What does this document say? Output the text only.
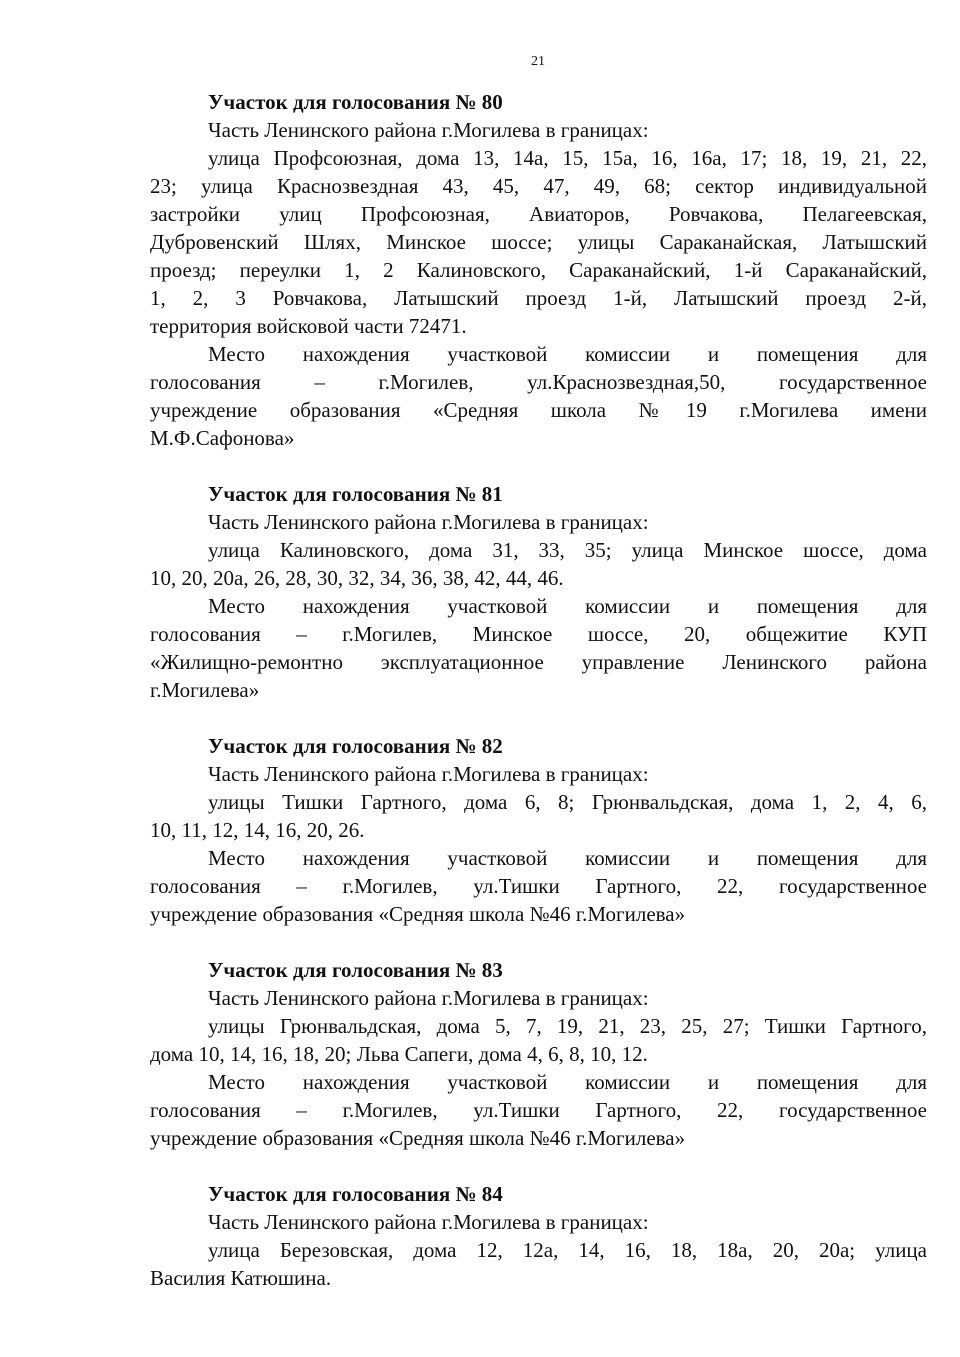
21

Участок для голосования № 80

Часть Ленинского района г.Могилева в границах:

улица Профсоюзная, дома 13, 14а, 15, 15а, 16, 16а, 17; 18, 19, 21, 22,

23; улица Краснозвездная 43, 45, 47, 49, 68; сектор индивидуальной

застройки улиц Профсоюзная, Авиаторов, Ровчакова, Пелагеевская,

Дубровенский Шлях, Минское шоссе; улицы Сараканайская, Латышский

проезд; переулки 1, 2 Калиновского, Сараканайский, 1-й Сараканайский,

1, 2, 3 Ровчакова, Латышский проезд 1-й, Латышский проезд 2-й,

территория войсковой части 72471.

Место нахождения участковой комиссии и помещения для

голосования – г.Могилев, ул.Краснозвездная,50, государственное

учреждение образования «Средняя школа №19 г.Могилева имени

М.Ф.Сафонова»

Участок для голосования № 81

Часть Ленинского района г.Могилева в границах:

улица Калиновского, дома 31, 33, 35; улица Минское шоссе, дома

10, 20, 20а, 26, 28, 30, 32, 34, 36, 38, 42, 44, 46.

Место нахождения участковой комиссии и помещения для

голосования – г.Могилев, Минское шоссе, 20, общежитие КУП

«Жилищно-ремонтно эксплуатационное управление Ленинского района

г.Могилева»

Участок для голосования № 82

Часть Ленинского района г.Могилева в границах:

улицы Тишки Гартного, дома 6, 8; Грюнвальдская, дома 1, 2, 4, 6,

10, 11, 12, 14, 16, 20, 26.

Место нахождения участковой комиссии и помещения для

голосования – г.Могилев, ул.Тишки Гартного, 22, государственное

учреждение образования «Средняя школа №46 г.Могилева»

Участок для голосования № 83

Часть Ленинского района г.Могилева в границах:

улицы Грюнвальдская, дома 5, 7, 19, 21, 23, 25, 27; Тишки Гартного,

дома 10, 14, 16, 18, 20; Льва Сапеги, дома 4, 6, 8, 10, 12.

Место нахождения участковой комиссии и помещения для

голосования – г.Могилев, ул.Тишки Гартного, 22, государственное

учреждение образования «Средняя школа №46 г.Могилева»

Участок для голосования № 84

Часть Ленинского района г.Могилева в границах:

улица Березовская, дома 12, 12а, 14, 16, 18, 18а, 20, 20а; улица

Василия Катюшина.
